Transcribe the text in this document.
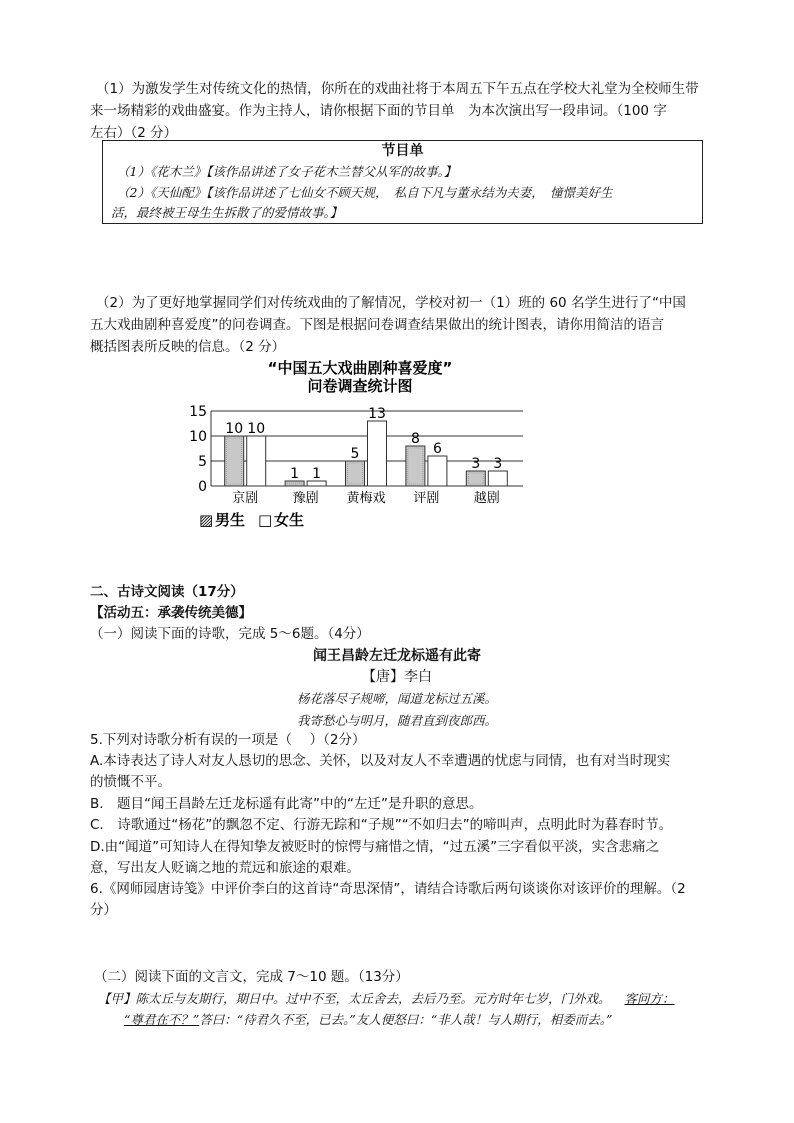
（1）为激发学生对传统文化的热情，你所在的戏曲社将于本周五下午五点在学校大礼堂为全校师生带
来一场精彩的戏曲盛宴。作为主持人，请你根据下面的节目单　为本次演出写一段串词。（100 字
左右）（2 分）
节目单
（1）《花木兰》【该作品讲述了女子花木兰替父从军的故事。】
（2）《天仙配》【该作品讲述了七仙女不顾天规，　私自下凡与董永结为夫妻，　憧憬美好生
活，最终被王母生生拆散了的爱情故事。】
（2）为了更好地掌握同学们对传统戏曲的了解情况，学校对初一（1）班的 60 名学生进行了“中国
五大戏曲剧种喜爱度”的问卷调查。下图是根据问卷调查结果做出的统计图表，请你用简洁的语言
概括图表所反映的信息。（2 分）
“中国五大戏曲剧种喜爱度”
问卷调查统计图
0
5
10
15
10 10
京剧
1 1
豫剧
5
13
黄梅戏
8
6
评剧
3 3
越剧
▨ 男生 □ 女生
二、古诗文阅读（17分）
【活动五：承袭传统美德】
（一）阅读下面的诗歌，完成 5～6题。（4分）
闻王昌龄左迁龙标遥有此寄
【唐】李白
杨花落尽子规啼，闻道龙标过五溪。
我寄愁心与明月，随君直到夜郎西。
5.下列对诗歌分析有误的一项是（　 ）（2分）
A.本诗表达了诗人对友人恳切的思念、关怀，以及对友人不幸遭遇的忧虑与同情，也有对当时现实
的愤慨不平。
B.　题目“闻王昌龄左迁龙标遥有此寄”中的“左迁”是升职的意思。
C.　诗歌通过“杨花”的飘忽不定、行游无踪和“子规”“不如归去”的啼叫声，点明此时为暮春时节。
D.由“闻道”可知诗人在得知挚友被贬时的惊愕与痛惜之情，“过五溪”三字看似平淡，实含悲痛之
意，写出友人贬谪之地的荒远和旅途的艰难。
6.《网师园唐诗笺》中评价李白的这首诗“奇思深情”，请结合诗歌后两句谈谈你对该评价的理解。（2
分）
（二）阅读下面的文言文，完成 7～10 题。（13分）
【甲】陈太丘与友期行，期日中。过中不至，太丘舍去，去后乃至。元方时年七岁，门外戏。 客问方：
“尊君在不？”答曰：“待君久不至，已去。”友人便怒曰：“非人哉！与人期行，相委而去。”
